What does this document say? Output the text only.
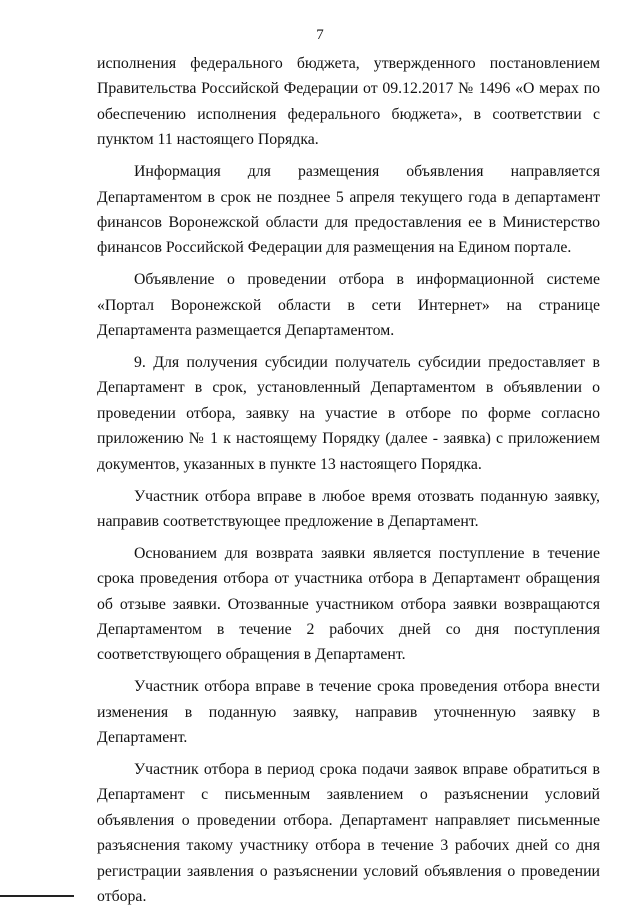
7

исполнения федерального бюджета, утвержденного постановлением Правительства Российской Федерации от 09.12.2017 № 1496 «О мерах по обеспечению исполнения федерального бюджета», в соответствии с пунктом 11 настоящего Порядка.

Информация для размещения объявления направляется Департаментом в срок не позднее 5 апреля текущего года в департамент финансов Воронежской области для предоставления ее в Министерство финансов Российской Федерации для размещения на Едином портале.

Объявление о проведении отбора в информационной системе «Портал Воронежской области в сети Интернет» на странице Департамента размещается Департаментом.

9. Для получения субсидии получатель субсидии предоставляет в Департамент в срок, установленный Департаментом в объявлении о проведении отбора, заявку на участие в отборе по форме согласно приложению № 1 к настоящему Порядку (далее - заявка) с приложением документов, указанных в пункте 13 настоящего Порядка.

Участник отбора вправе в любое время отозвать поданную заявку, направив соответствующее предложение в Департамент.

Основанием для возврата заявки является поступление в течение срока проведения отбора от участника отбора в Департамент обращения об отзыве заявки. Отозванные участником отбора заявки возвращаются Департаментом в течение 2 рабочих дней со дня поступления соответствующего обращения в Департамент.

Участник отбора вправе в течение срока проведения отбора внести изменения в поданную заявку, направив уточненную заявку в Департамент.

Участник отбора в период срока подачи заявок вправе обратиться в Департамент с письменным заявлением о разъяснении условий объявления о проведении отбора. Департамент направляет письменные разъяснения такому участнику отбора в течение 3 рабочих дней со дня регистрации заявления о разъяснении условий объявления о проведении отбора.
